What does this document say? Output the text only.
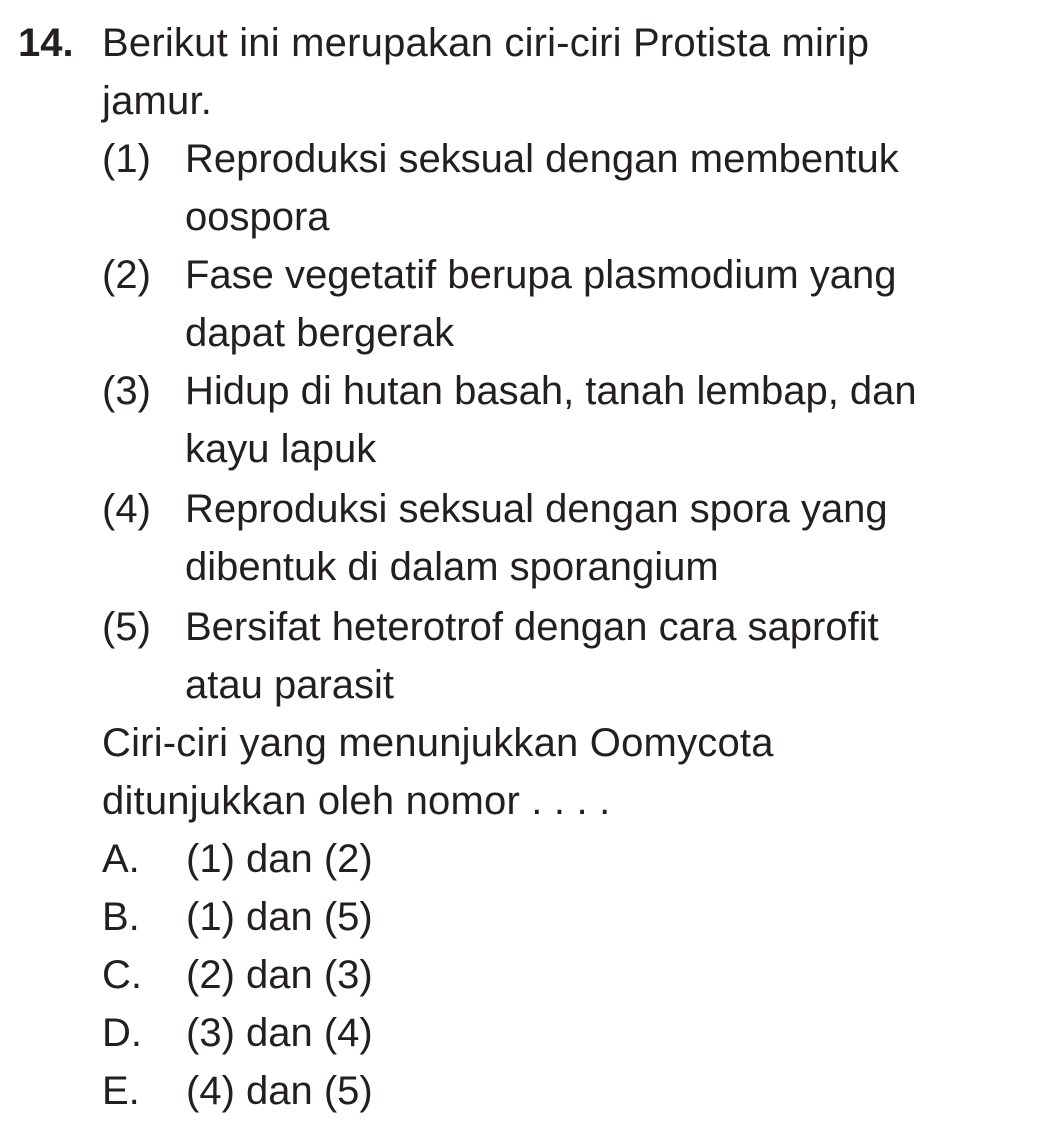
14. Berikut ini merupakan ciri-ciri Protista mirip
jamur.
(1) Reproduksi seksual dengan membentuk
oospora
(2) Fase vegetatif berupa plasmodium yang
dapat bergerak
(3) Hidup di hutan basah, tanah lembap, dan
kayu lapuk
(4) Reproduksi seksual dengan spora yang
dibentuk di dalam sporangium
(5) Bersifat heterotrof dengan cara saprofit
atau parasit
Ciri-ciri yang menunjukkan Oomycota
ditunjukkan oleh nomor . . . .
A. (1) dan (2)
B. (1) dan (5)
C. (2) dan (3)
D. (3) dan (4)
E. (4) dan (5)
